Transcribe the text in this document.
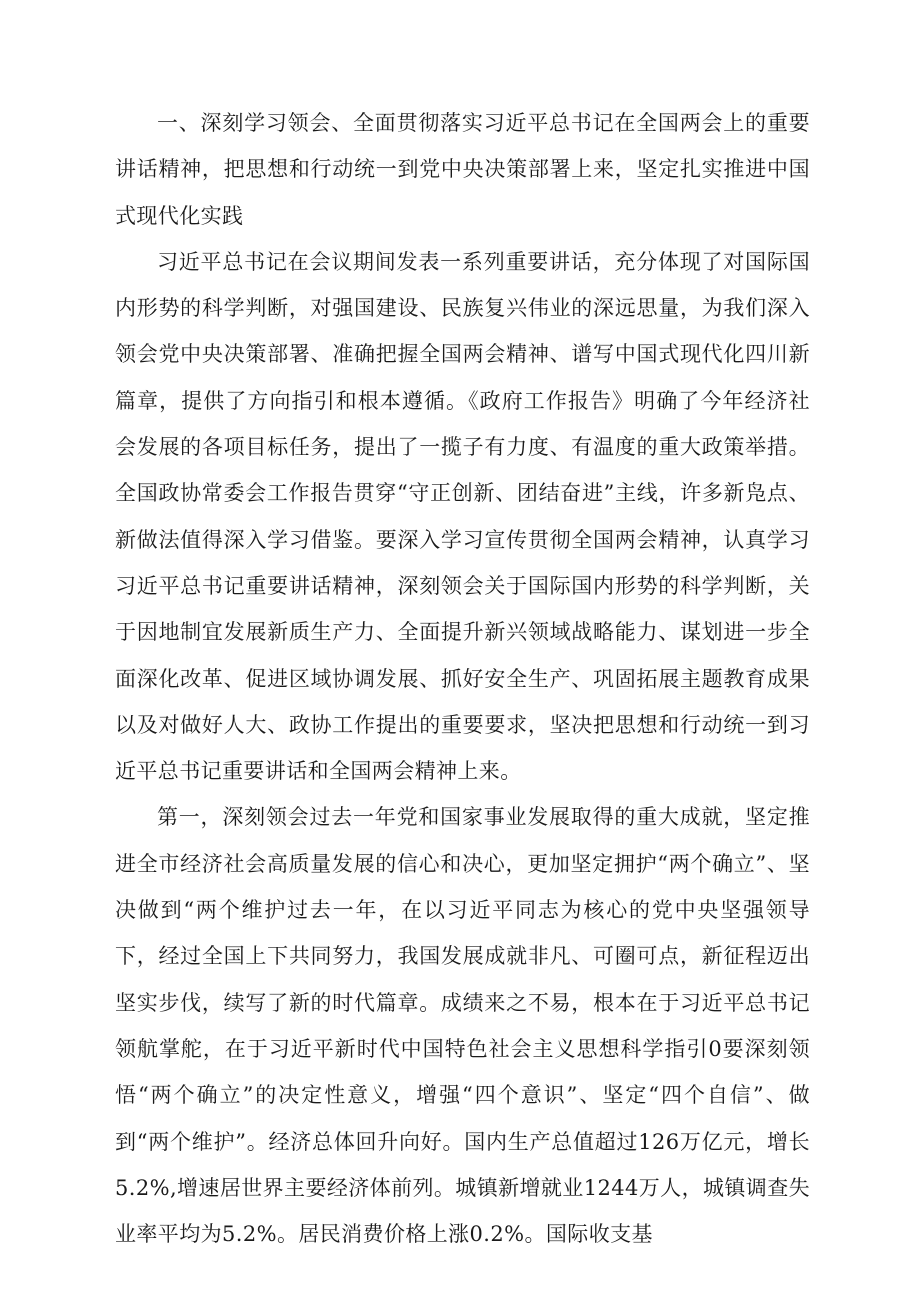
一、深刻学习领会、全面贯彻落实习近平总书记在全国两会上的重要讲话精神，把思想和行动统一到党中央决策部署上来，坚定扎实推进中国式现代化实践

习近平总书记在会议期间发表一系列重要讲话，充分体现了对国际国内形势的科学判断，对强国建设、民族复兴伟业的深远思量，为我们深入领会党中央决策部署、准确把握全国两会精神、谱写中国式现代化四川新篇章，提供了方向指引和根本遵循。《政府工作报告》明确了今年经济社会发展的各项目标任务，提出了一揽子有力度、有温度的重大政策举措。全国政协常委会工作报告贯穿“守正创新、团结奋进”主线，许多新凫点、新做法值得深入学习借鉴。要深入学习宣传贯彻全国两会精神，认真学习习近平总书记重要讲话精神，深刻领会关于国际国内形势的科学判断，关于因地制宜发展新质生产力、全面提升新兴领域战略能力、谋划进一步全面深化改革、促进区域协调发展、抓好安全生产、巩固拓展主题教育成果以及对做好人大、政协工作提出的重要要求，坚决把思想和行动统一到习近平总书记重要讲话和全国两会精神上来。

第一，深刻领会过去一年党和国家事业发展取得的重大成就，坚定推进全市经济社会高质量发展的信心和决心，更加坚定拥护“两个确立”、坚决做到“两个维护过去一年，在以习近平同志为核心的党中央坚强领导下，经过全国上下共同努力，我国发展成就非凡、可圈可点，新征程迈出坚实步伐，续写了新的时代篇章。成绩来之不易，根本在于习近平总书记领航掌舵，在于习近平新时代中国特色社会主义思想科学指引0要深刻领悟“两个确立”的决定性意义，增强“四个意识”、坚定“四个自信”、做到“两个维护”。经济总体回升向好。国内生产总值超过126万亿元，增长5.2%,增速居世界主要经济体前列。城镇新增就业1244万人，城镇调查失业率平均为5.2%。居民消费价格上涨0.2%。国际收支基
